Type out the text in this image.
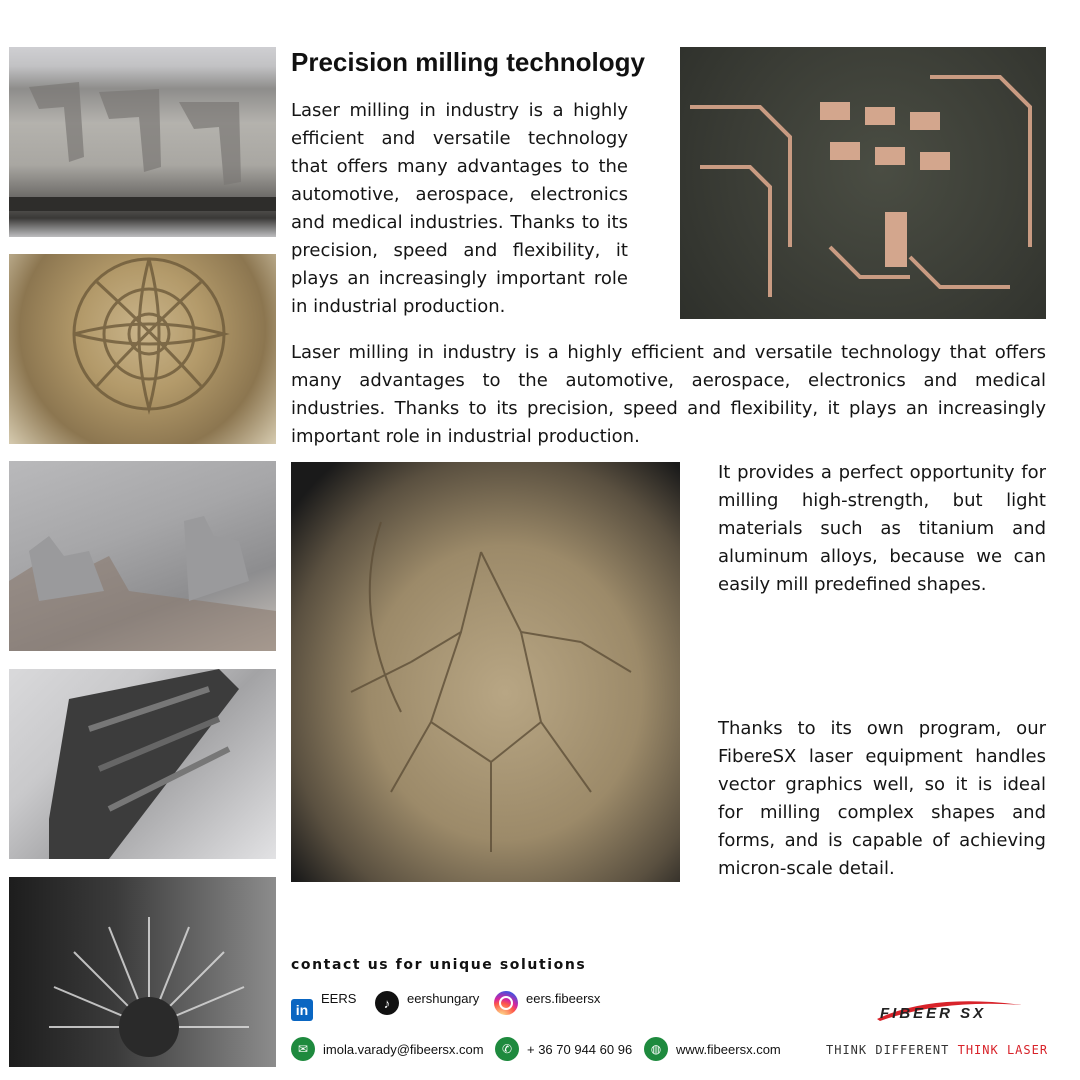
Precision milling technology

Laser milling in industry is a highly efficient and versatile technology that offers many advantages to the automotive, aerospace, electronics and medical industries. Thanks to its precision, speed and flexibility, it plays an increasingly important role in industrial production.

Laser milling in industry is a highly efficient and versatile technology that offers many advantages to the automotive, aerospace, electronics and medical industries. Thanks to its precision, speed and flexibility, it plays an increasingly important role in industrial production.

It provides a perfect opportunity for milling high-strength, but light materials such as titanium and aluminum alloys, because we can easily mill predefined shapes.

Thanks to its own program, our FibereSX laser equipment handles vector graphics well, so it is ideal for milling complex shapes and forms, and is capable of achieving micron-scale detail.

contact us for unique solutions

in
EERS	♪	eershungary	eers.fibeersx
✉	imola.varady@fibeersx.com	✆	+ 36 70 944 60 96	◍	www.fibeersx.com
FIBEER SX
THINK DIFFERENT THINK LASER
